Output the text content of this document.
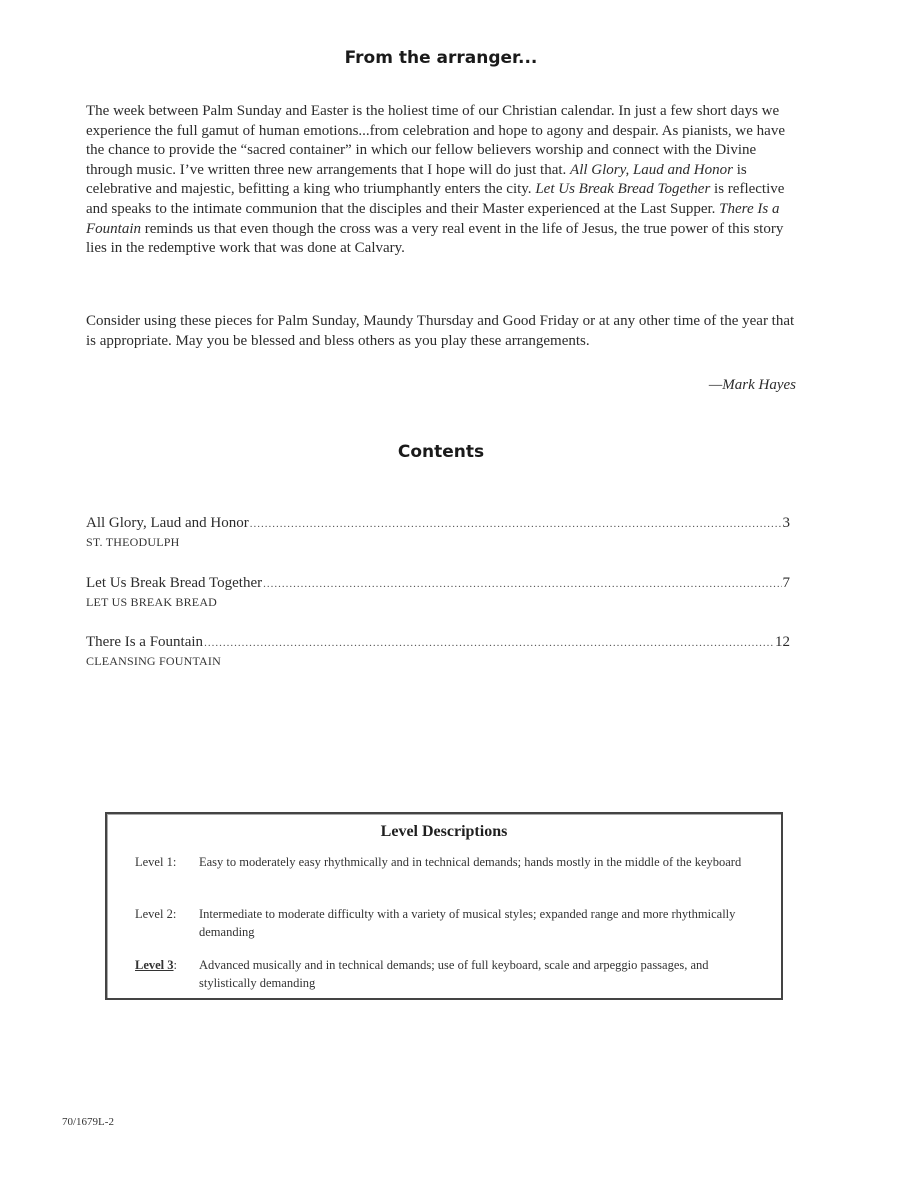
From the arranger...

The week between Palm Sunday and Easter is the holiest time of our Christian calendar. In just a few short days we experience the full gamut of human emotions...from celebration and hope to agony and despair. As pianists, we have the chance to provide the “sacred container” in which our fellow believers worship and connect with the Divine through music. I’ve written three new arrangements that I hope will do just that. All Glory, Laud and Honor is celebrative and majestic, befitting a king who triumphantly enters the city. Let Us Break Bread Together is reflective and speaks to the intimate communion that the disciples and their Master experienced at the Last Supper. There Is a Fountain reminds us that even though the cross was a very real event in the life of Jesus, the true power of this story lies in the redemptive work that was done at Calvary.

Consider using these pieces for Palm Sunday, Maundy Thursday and Good Friday or at any other time of the year that is appropriate. May you be blessed and bless others as you play these arrangements.

—Mark Hayes
Contents
All Glory, Laud and Honor .....	3
ST. THEODULPH
Let Us Break Bread Together .....	7
LET US BREAK BREAD
There Is a Fountain .....	12
CLEANSING FOUNTAIN
Level Descriptions
Level 1:	Easy to moderately easy rhythmically and in technical demands; hands mostly in the middle of the keyboard
Level 2:	Intermediate to moderate difficulty with a variety of musical styles; expanded range and more rhythmically demanding
Level 3:	Advanced musically and in technical demands; use of full keyboard, scale and arpeggio passages, and stylistically demanding
70/1679L-2
